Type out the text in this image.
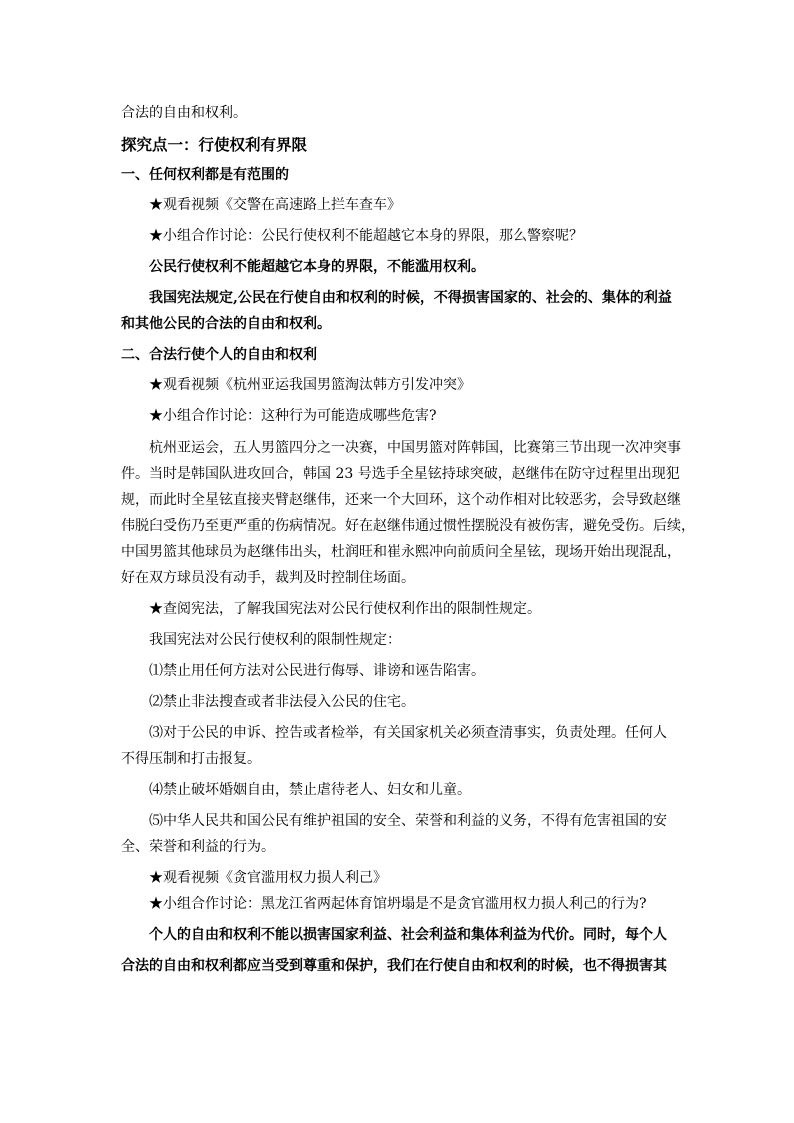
合法的自由和权利。

探究点一：行使权利有界限

一、任何权利都是有范围的

★观看视频《交警在高速路上拦车查车》

★小组合作讨论：公民行使权利不能超越它本身的界限，那么警察呢？

公民行使权利不能超越它本身的界限，不能滥用权利。

我国宪法规定,公民在行使自由和权利的时候，不得损害国家的、社会的、集体的利益

和其他公民的合法的自由和权利。

二、合法行使个人的自由和权利

★观看视频《杭州亚运我国男篮淘汰韩方引发冲突》

★小组合作讨论：这种行为可能造成哪些危害?

杭州亚运会，五人男篮四分之一决赛，中国男篮对阵韩国，比赛第三节出现一次冲突事

件。当时是韩国队进攻回合，韩国 23 号选手全星铉持球突破，赵继伟在防守过程里出现犯

规，而此时全星铉直接夹臂赵继伟，还来一个大回环，这个动作相对比较恶劣，会导致赵继

伟脱臼受伤乃至更严重的伤病情况。好在赵继伟通过惯性摆脱没有被伤害，避免受伤。后续，

中国男篮其他球员为赵继伟出头，杜润旺和崔永熙冲向前质问全星铉，现场开始出现混乱，

好在双方球员没有动手，裁判及时控制住场面。

★查阅宪法，了解我国宪法对公民行使权利作出的限制性规定。

我国宪法对公民行使权利的限制性规定：

⑴禁止用任何方法对公民进行侮辱、诽谤和诬告陷害。

⑵禁止非法搜查或者非法侵入公民的住宅。

⑶对于公民的申诉、控告或者检举，有关国家机关必须查清事实，负责处理。任何人

不得压制和打击报复。

⑷禁止破坏婚姻自由，禁止虐待老人、妇女和儿童。

⑸中华人民共和国公民有维护祖国的安全、荣誉和利益的义务，不得有危害祖国的安

全、荣誉和利益的行为。

★观看视频《贪官滥用权力损人利己》

★小组合作讨论：黑龙江省两起体育馆坍塌是不是贪官滥用权力损人利己的行为?

个人的自由和权利不能以损害国家利益、社会利益和集体利益为代价。同时，每个人

合法的自由和权利都应当受到尊重和保护，我们在行使自由和权利的时候，也不得损害其
